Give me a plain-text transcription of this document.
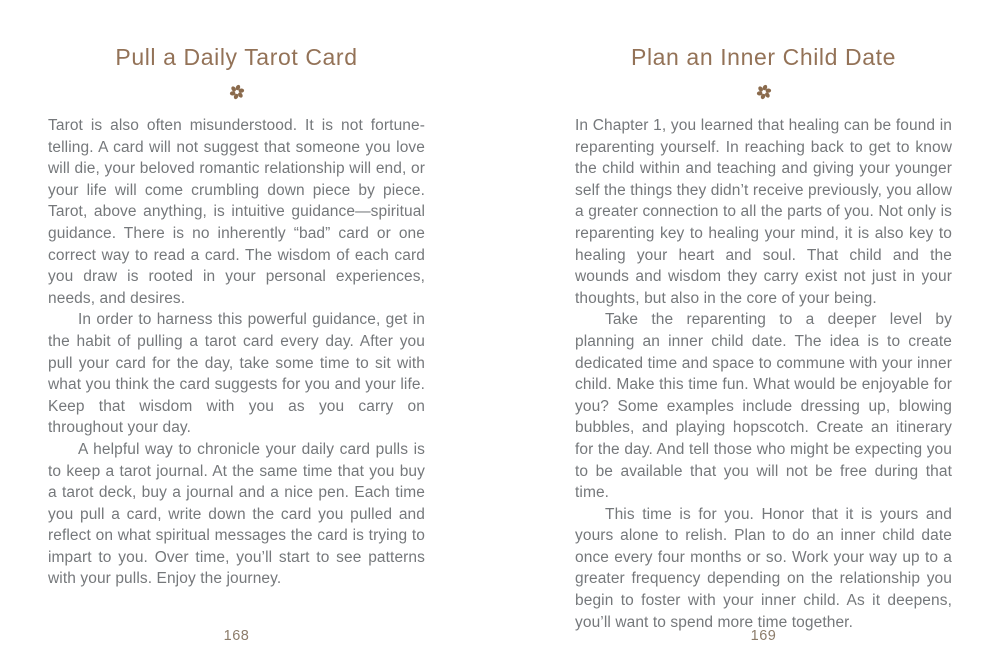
Pull a Daily Tarot Card

Tarot is also often misunderstood. It is not fortune-telling. A card will not suggest that someone you love will die, your beloved romantic relationship will end, or your life will come crumbling down piece by piece. Tarot, above anything, is intuitive guidance—spiritual guidance. There is no inherently “bad” card or one correct way to read a card. The wisdom of each card you draw is rooted in your personal experiences, needs, and desires.

In order to harness this powerful guidance, get in the habit of pulling a tarot card every day. After you pull your card for the day, take some time to sit with what you think the card suggests for you and your life. Keep that wisdom with you as you carry on throughout your day.

A helpful way to chronicle your daily card pulls is to keep a tarot journal. At the same time that you buy a tarot deck, buy a journal and a nice pen. Each time you pull a card, write down the card you pulled and reflect on what spiritual messages the card is trying to impart to you. Over time, you’ll start to see patterns with your pulls. Enjoy the journey.

168
Plan an Inner Child Date

In Chapter 1, you learned that healing can be found in reparenting yourself. In reaching back to get to know the child within and teaching and giving your younger self the things they didn’t receive previously, you allow a greater connection to all the parts of you. Not only is reparenting key to healing your mind, it is also key to healing your heart and soul. That child and the wounds and wisdom they carry exist not just in your thoughts, but also in the core of your being.

Take the reparenting to a deeper level by planning an inner child date. The idea is to create dedicated time and space to commune with your inner child. Make this time fun. What would be enjoyable for you? Some examples include dressing up, blowing bubbles, and playing hopscotch. Create an itinerary for the day. And tell those who might be expecting you to be available that you will not be free during that time.

This time is for you. Honor that it is yours and yours alone to relish. Plan to do an inner child date once every four months or so. Work your way up to a greater frequency depending on the relationship you begin to foster with your inner child. As it deepens, you’ll want to spend more time together.

169
